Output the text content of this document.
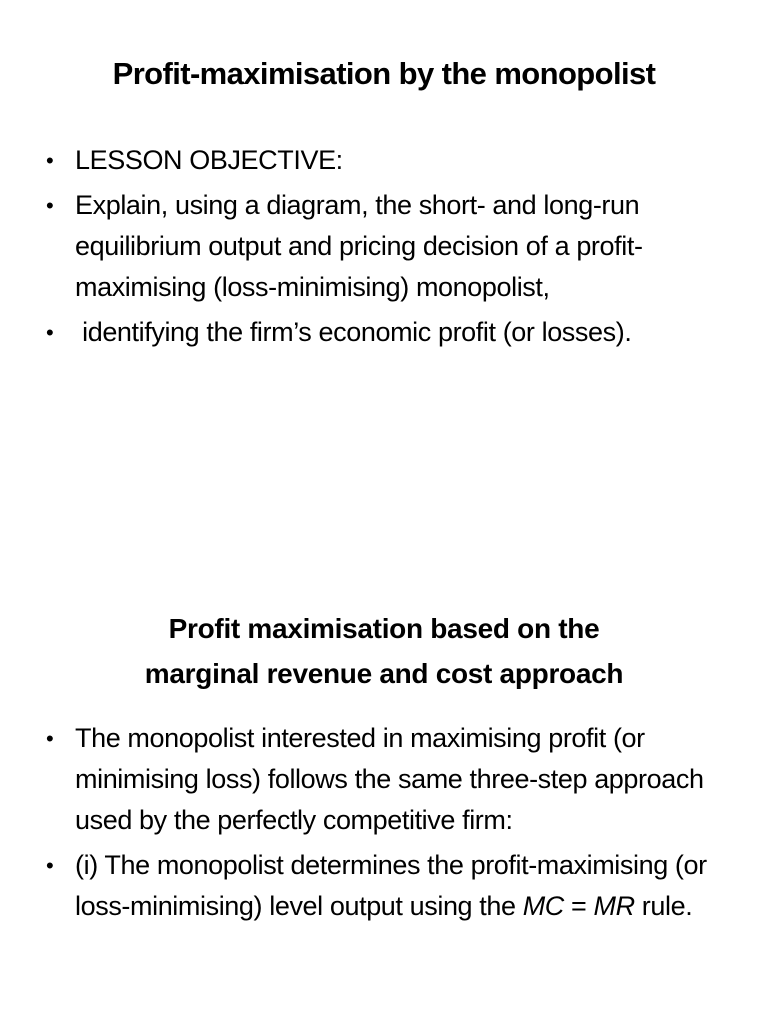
Profit-maximisation by the monopolist
• LESSON OBJECTIVE:
• Explain, using a diagram, the short- and long-run equilibrium output and pricing decision of a profit-maximising (loss-minimising) monopolist,
• identifying the firm’s economic profit (or losses).
Profit maximisation based on the
marginal revenue and cost approach
• The monopolist interested in maximising profit (or minimising loss) follows the same three-step approach used by the perfectly competitive firm:
• (i) The monopolist determines the profit-maximising (or loss-minimising) level output using the MC = MR rule.
